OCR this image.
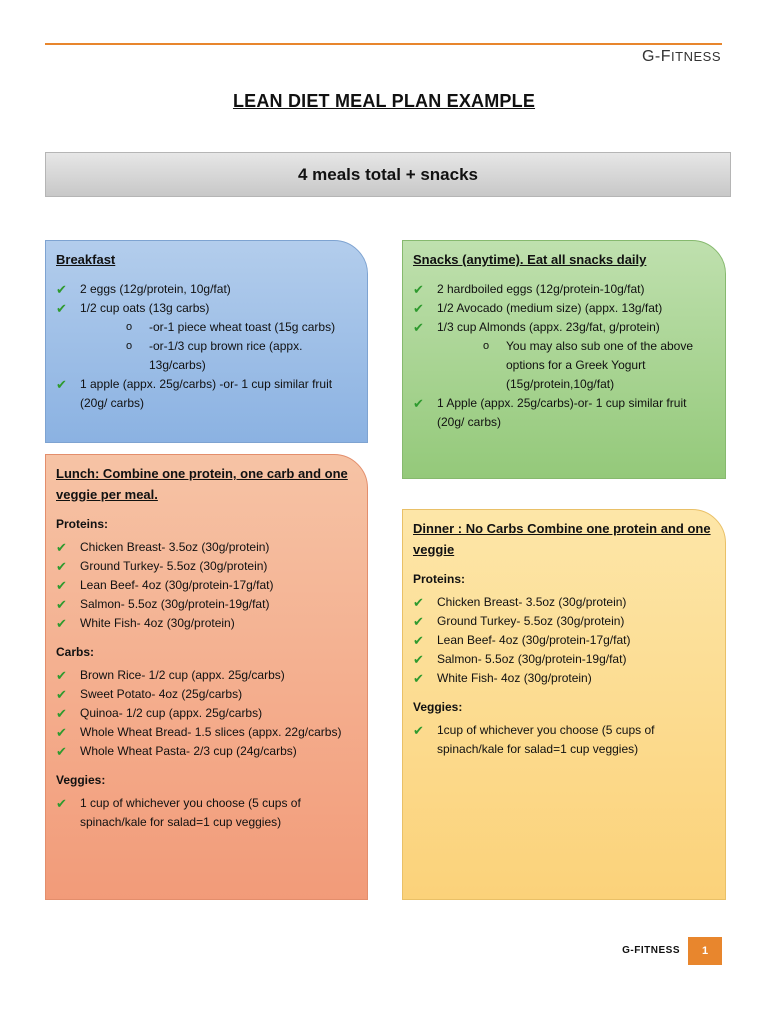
G-FITNESS
LEAN DIET MEAL PLAN EXAMPLE
4 meals total + snacks
Breakfast
✔ 2 eggs (12g/protein, 10g/fat)
✔ 1/2 cup oats (13g carbs)
o -or-1 piece wheat toast (15g carbs)
o -or-1/3 cup brown rice (appx. 13g/carbs)
✔ 1 apple (appx. 25g/carbs) -or- 1 cup similar fruit (20g/ carbs)
Snacks (anytime). Eat all snacks daily
✔ 2 hardboiled eggs (12g/protein-10g/fat)
✔ 1/2 Avocado (medium size) (appx. 13g/fat)
✔ 1/3 cup Almonds (appx. 23g/fat, g/protein)
o You may also sub one of the above options for a Greek Yogurt (15g/protein,10g/fat)
✔ 1 Apple (appx. 25g/carbs)-or- 1 cup similar fruit (20g/ carbs)
Lunch: Combine one protein, one carb and one veggie per meal.
Proteins:
✔ Chicken Breast- 3.5oz (30g/protein)
✔ Ground Turkey- 5.5oz (30g/protein)
✔ Lean Beef- 4oz (30g/protein-17g/fat)
✔ Salmon- 5.5oz (30g/protein-19g/fat)
✔ White Fish- 4oz (30g/protein)
Carbs:
✔ Brown Rice- 1/2 cup (appx. 25g/carbs)
✔ Sweet Potato- 4oz (25g/carbs)
✔ Quinoa- 1/2 cup (appx. 25g/carbs)
✔ Whole Wheat Bread- 1.5 slices (appx. 22g/carbs)
✔ Whole Wheat Pasta- 2/3 cup (24g/carbs)
Veggies:
✔ 1 cup of whichever you choose (5 cups of spinach/kale for salad=1 cup veggies)
Dinner : No Carbs Combine one protein and one veggie
Proteins:
✔ Chicken Breast- 3.5oz (30g/protein)
✔ Ground Turkey- 5.5oz (30g/protein)
✔ Lean Beef- 4oz (30g/protein-17g/fat)
✔ Salmon- 5.5oz (30g/protein-19g/fat)
✔ White Fish- 4oz (30g/protein)
Veggies:
✔ 1cup of whichever you choose (5 cups of spinach/kale for salad=1 cup veggies)
G-FITNESS	1
